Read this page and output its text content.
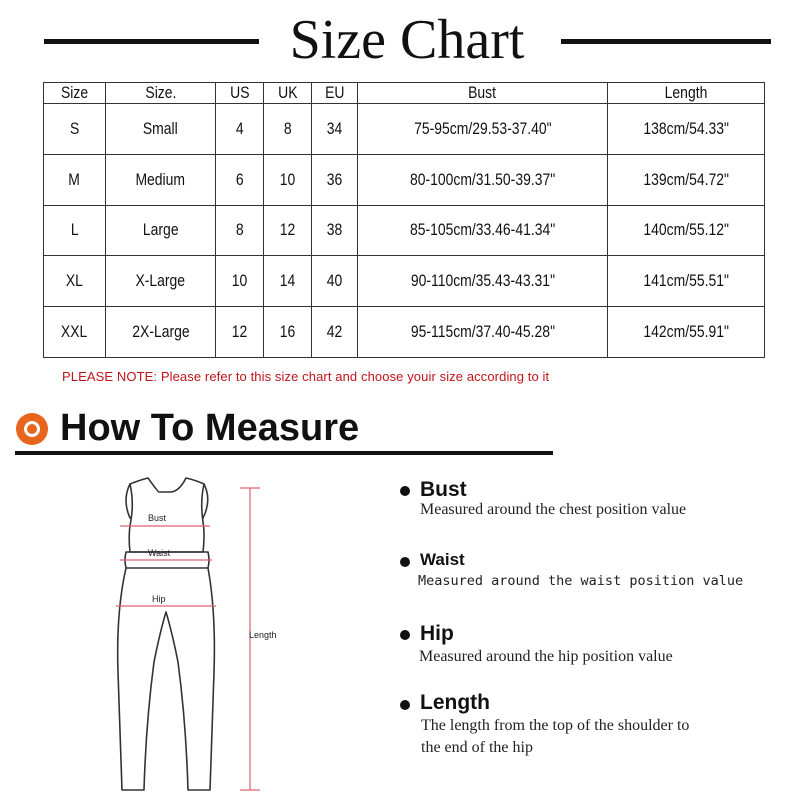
Size Chart
Size	Size.	US	UK	EU	Bust	Length
S	Small	4	8	34	75-95cm/29.53-37.40"	138cm/54.33"
M	Medium	6	10	36	80-100cm/31.50-39.37"	139cm/54.72"
L	Large	8	12	38	85-105cm/33.46-41.34"	140cm/55.12"
XL	X-Large	10	14	40	90-110cm/35.43-43.31"	141cm/55.51"
XXL	2X-Large	12	16	42	95-115cm/37.40-45.28"	142cm/55.91"
PLEASE NOTE: Please refer to this size chart and choose youir size according to it
How To Measure
Bust
Waist
Hip
Length
Bust
Measured around the chest position value
Waist
Measured around the waist position value
Hip
Measured around the hip position value
Length
The length from the top of the shoulder to
the end of the hip
